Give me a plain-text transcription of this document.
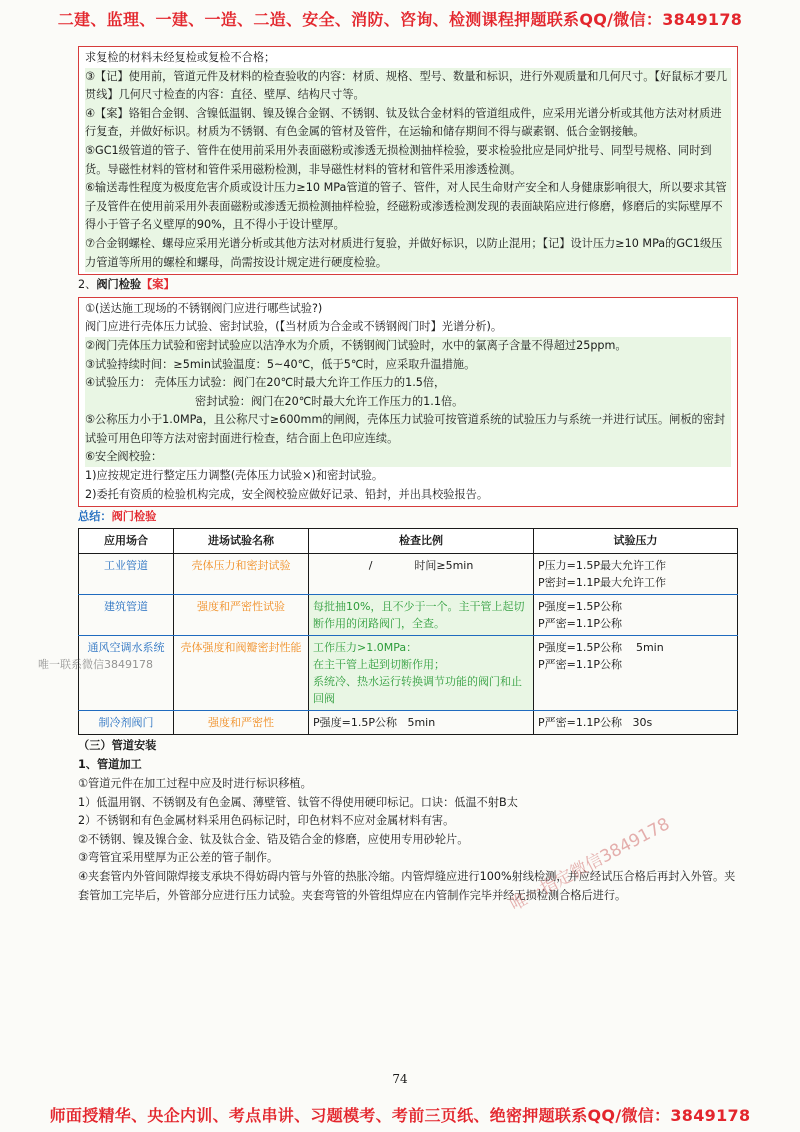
二建、监理、一建、一造、二造、安全、消防、咨询、检测课程押题联系QQ/微信：3849178
求复检的材料未经复检或复检不合格；
③【记】使用前，管道元件及材料的检查验收的内容：材质、规格、型号、数量和标识，进行外观质量和几何尺寸。【好鼠标才要几贯线】几何尺寸检查的内容：直径、壁厚、结构尺寸等。
④【案】铬钼合金钢、含镍低温钢、镍及镍合金钢、不锈钢、钛及钛合金材料的管道组成件，应采用光谱分析或其他方法对材质进行复查，并做好标识。材质为不锈钢、有色金属的管材及管件，在运输和储存期间不得与碳素钢、低合金钢接触。
⑤GC1级管道的管子、管件在使用前采用外表面磁粉或渗透无损检测抽样检验，要求检验批应是同炉批号、同型号规格、同时到货。导磁性材料的管材和管件采用磁粉检测，非导磁性材料的管材和管件采用渗透检测。
⑥输送毒性程度为极度危害介质或设计压力≥10 MPa管道的管子、管件，对人民生命财产安全和人身健康影响很大，所以要求其管子及管件在使用前采用外表面磁粉或渗透无损检测抽样检验，经磁粉或渗透检测发现的表面缺陷应进行修磨，修磨后的实际壁厚不得小于管子名义壁厚的90%，且不得小于设计壁厚。
⑦合金钢螺栓、螺母应采用光谱分析或其他方法对材质进行复验，并做好标识，以防止混用；【记】设计压力≥10 MPa的GC1级压力管道等所用的螺栓和螺母，尚需按设计规定进行硬度检验。
2、阀门检验【案】
①(送达施工现场的不锈钢阀门应进行哪些试验?)
阀门应进行壳体压力试验、密封试验，(【当材质为合金或不锈钢阀门时】光谱分析)。
②阀门壳体压力试验和密封试验应以洁净水为介质，不锈钢阀门试验时，水中的氯离子含量不得超过25ppm。
③试验持续时间：≥5min试验温度：5~40℃，低于5℃时，应采取升温措施。
④试验压力： 壳体压力试验：阀门在20℃时最大允许工作压力的1.5倍，
密封试验：阀门在20℃时最大允许工作压力的1.1倍。
⑤公称压力小于1.0MPa，且公称尺寸≥600mm的闸阀，壳体压力试验可按管道系统的试验压力与系统一并进行试压。闸板的密封试验可用色印等方法对密封面进行检查，结合面上色印应连续。
⑥安全阀校验：
1)应按规定进行整定压力调整(壳体压力试验×)和密封试验。
2)委托有资质的检验机构完成，安全阀校验应做好记录、铅封，并出具校验报告。
总结：阀门检验
应用场合	进场试验名称	检查比例	试验压力
工业管道	壳体压力和密封试验	/            时间≥5min	P压力=1.5P最大允许工作
P密封=1.1P最大允许工作
建筑管道	强度和严密性试验	每批抽10%，且不少于一个。主干管上起切断作用的闭路阀门，全查。	P强度=1.5P公称
P严密=1.1P公称
通风空调水系统	壳体强度和阀瓣密封性能	工作压力>1.0MPa：
在主干管上起到切断作用；
系统冷、热水运行转换调节功能的阀门和止回阀	P强度=1.5P公称    5min
P严密=1.1P公称
制冷剂阀门	强度和严密性	P强度=1.5P公称   5min	P严密=1.1P公称   30s
（三）管道安装
1、管道加工
①管道元件在加工过程中应及时进行标识移植。
1）低温用钢、不锈钢及有色金属、薄壁管、钛管不得使用硬印标记。口诀：低温不射B太
2）不锈钢和有色金属材料采用色码标记时，印色材料不应对金属材料有害。
②不锈钢、镍及镍合金、钛及钛合金、锆及锆合金的修磨，应使用专用砂轮片。
③弯管宜采用壁厚为正公差的管子制作。
④夹套管内外管间隙焊接支承块不得妨碍内管与外管的热胀冷缩。内管焊缝应进行100%射线检测，并应经试压合格后再封入外管。夹套管加工完毕后，外管部分应进行压力试验。夹套弯管的外管组焊应在内管制作完毕并经无损检测合格后进行。
唯一联系微信3849178
唯一指定微信3849178
74
师面授精华、央企内训、考点串讲、习题模考、考前三页纸、绝密押题联系QQ/微信：3849178
